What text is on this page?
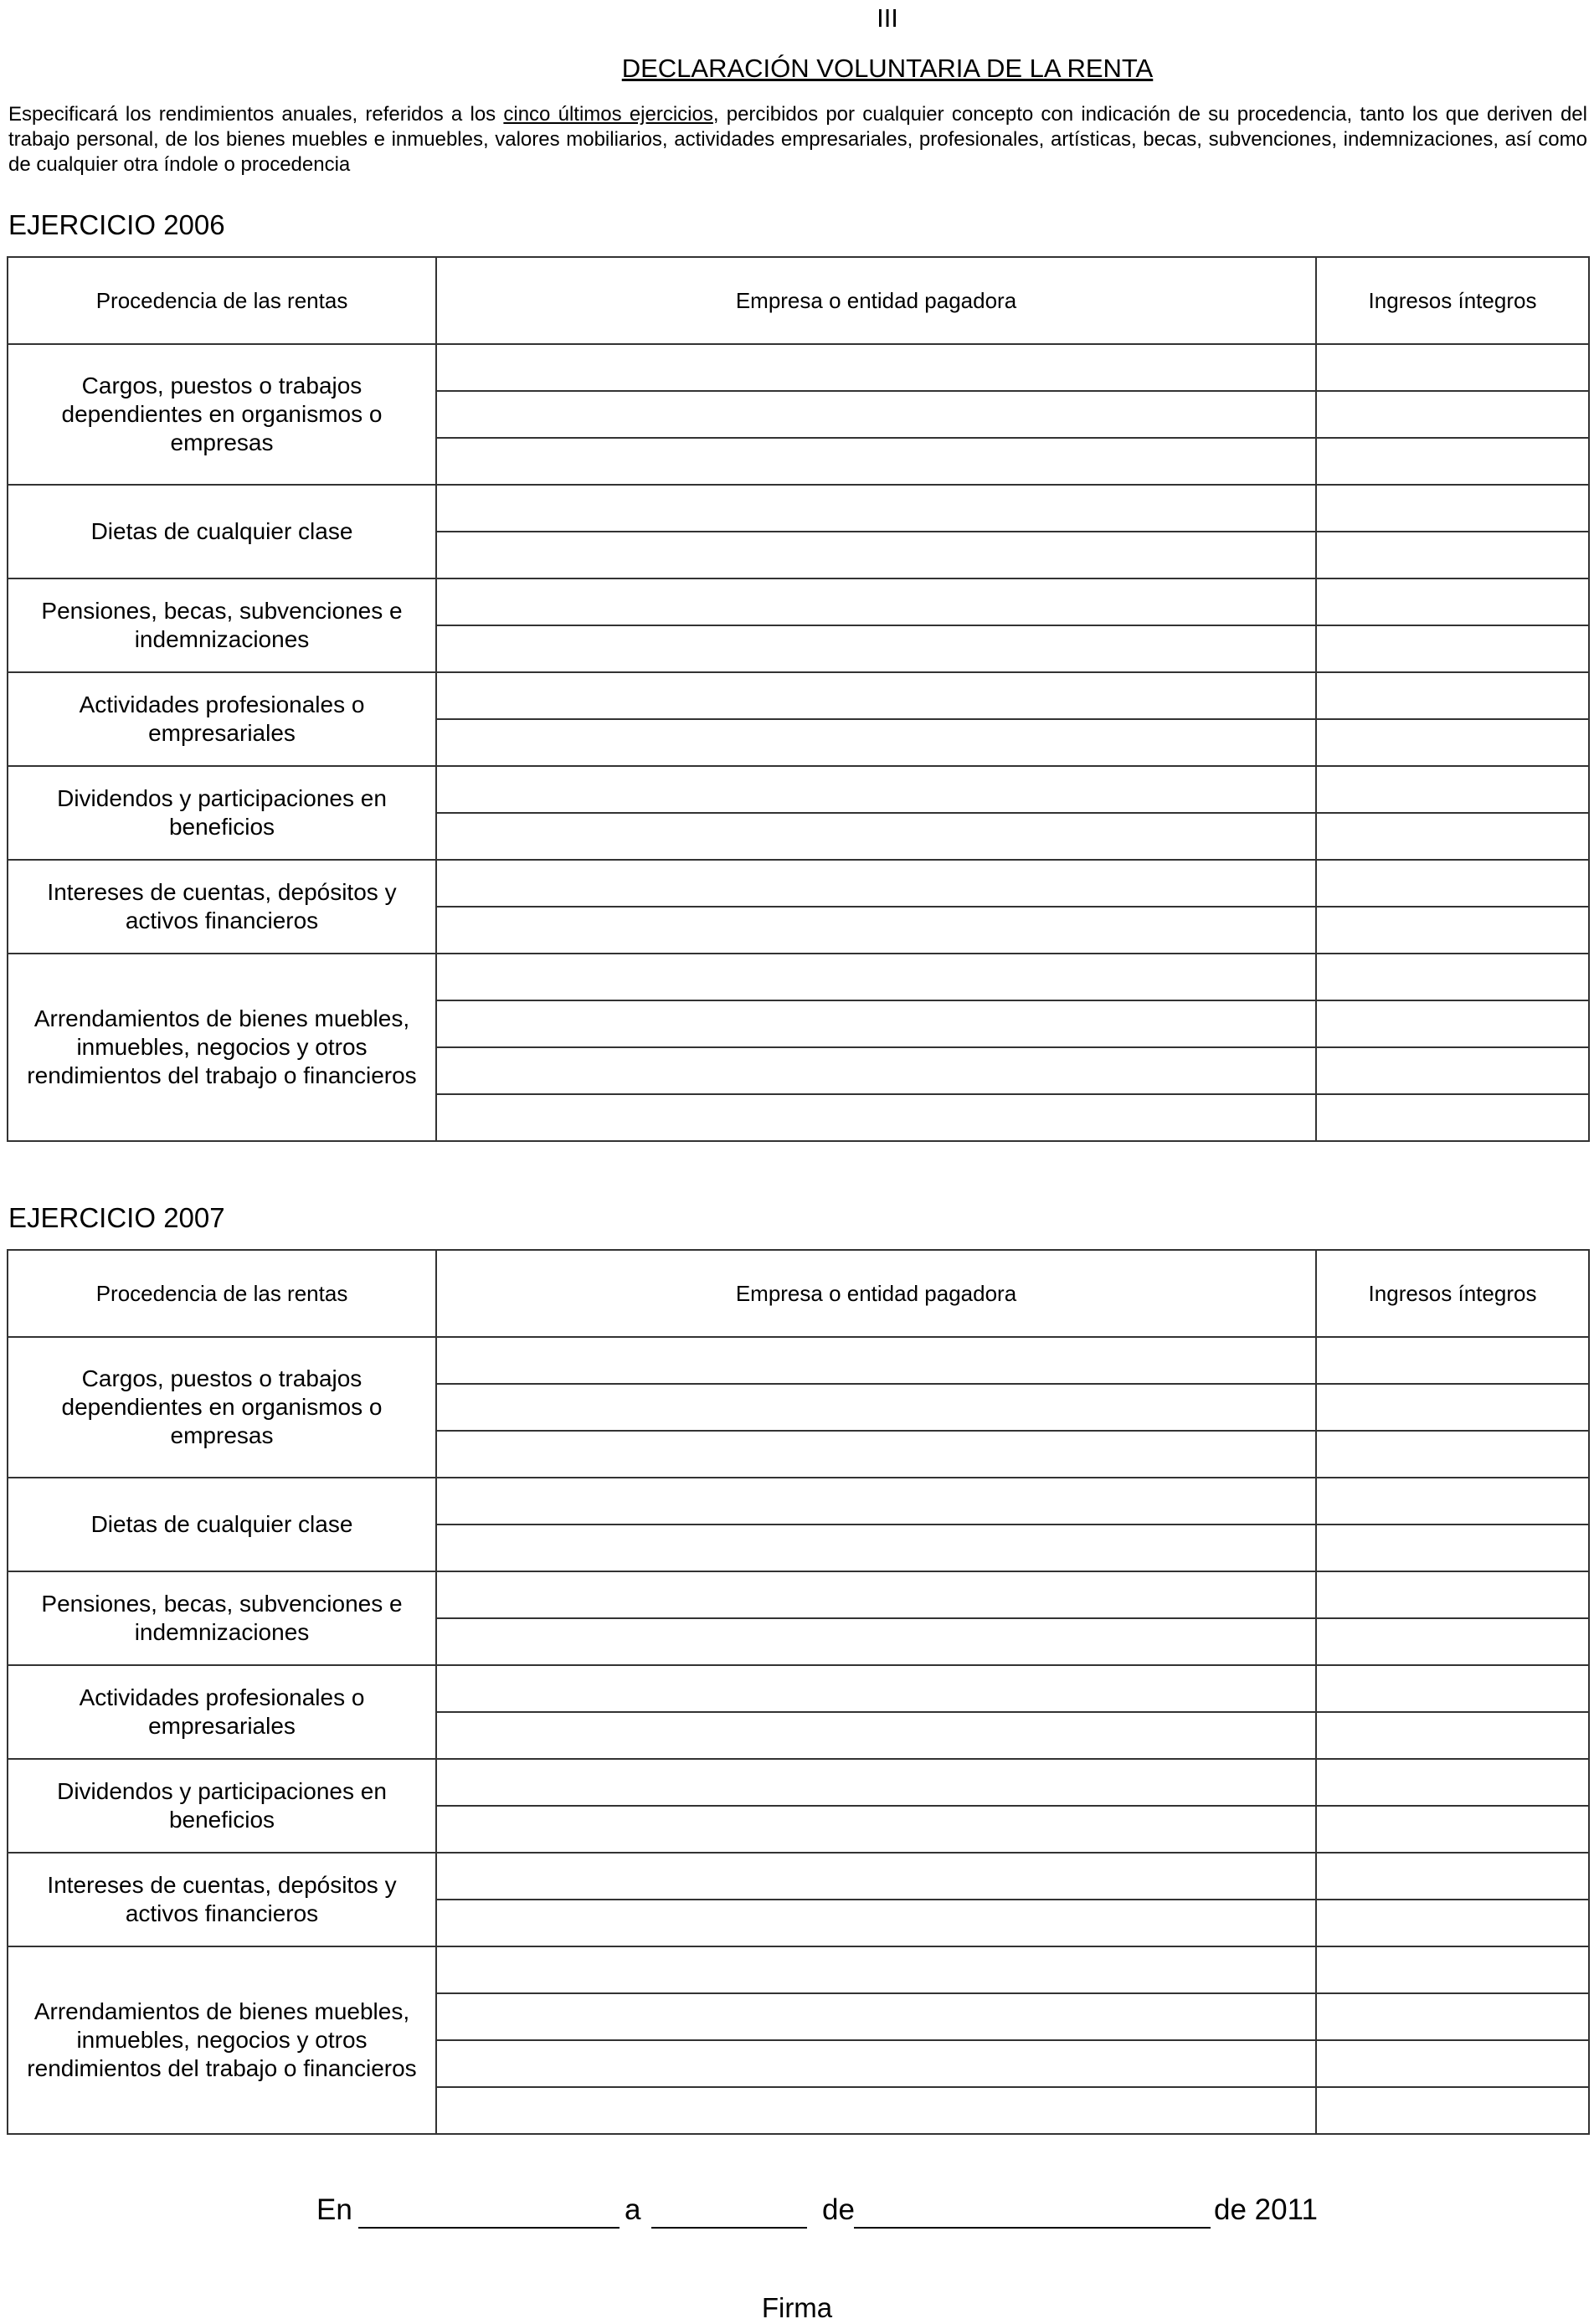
III
DECLARACIÓN VOLUNTARIA DE LA RENTA
Especificará los rendimientos anuales, referidos a los cinco últimos ejercicios, percibidos por cualquier concepto con indicación de su procedencia, tanto los que deriven del trabajo personal, de los bienes muebles e inmuebles, valores mobiliarios, actividades empresariales, profesionales, artísticas, becas, subvenciones, indemnizaciones, así como de cualquier otra índole o procedencia
EJERCICIO 2006
Procedencia de las rentas	Empresa o entidad pagadora	Ingresos íntegros
Cargos, puestos o trabajos dependientes en organismos o empresas		

Dietas de cualquier clase		

Pensiones, becas, subvenciones e indemnizaciones		

Actividades profesionales o empresariales		

Dividendos y participaciones en beneficios		

Intereses de cuentas, depósitos y activos financieros		

Arrendamientos de bienes muebles, inmuebles, negocios y otros rendimientos del trabajo o financieros		

EJERCICIO 2007
Procedencia de las rentas	Empresa o entidad pagadora	Ingresos íntegros
Cargos, puestos o trabajos dependientes en organismos o empresas		

Dietas de cualquier clase		

Pensiones, becas, subvenciones e indemnizaciones		

Actividades profesionales o empresariales		

Dividendos y participaciones en beneficios		

Intereses de cuentas, depósitos y activos financieros		

Arrendamientos de bienes muebles, inmuebles, negocios y otros rendimientos del trabajo o financieros		

En	a	de	de 2011
Firma
